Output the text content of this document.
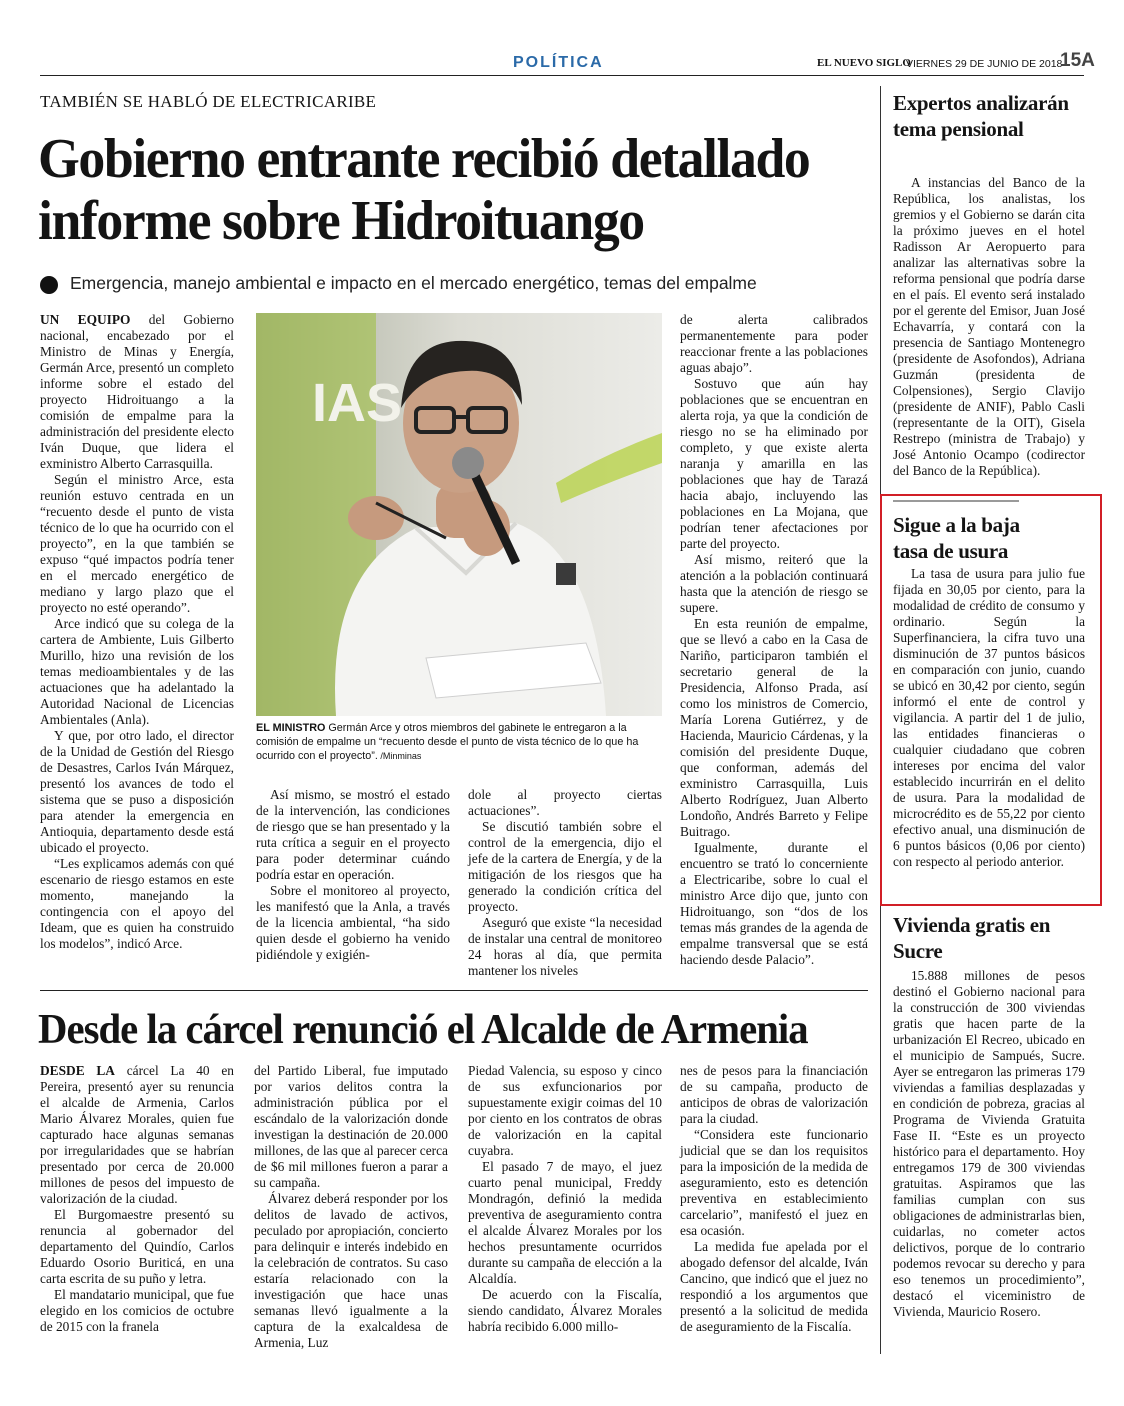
POLÍTICA	EL NUEVO SIGLO
VIERNES 29 DE JUNIO DE 2018
15A
TAMBIÉN SE HABLÓ DE ELECTRICARIBE
Gobierno entrante recibió detallado informe sobre Hidroituango
Emergencia, manejo ambiental e impacto en el mercado energético, temas del empalme

UN EQUIPO del Gobierno nacional, encabezado por el Ministro de Minas y Energía, Germán Arce, presentó un completo informe sobre el estado del proyecto Hidroituango a la comisión de empalme para la administración del presidente electo Iván Duque, que lidera el exministro Alberto Carrasquilla.

Según el ministro Arce, esta reunión estuvo centrada en un “recuento desde el punto de vista técnico de lo que ha ocurrido con el proyecto”, en la que también se expuso “qué impactos podría tener en el mercado energético de mediano y largo plazo que el proyecto no esté operando”.

Arce indicó que su colega de la cartera de Ambiente, Luis Gilberto Murillo, hizo una revisión de los temas medioambientales y de las actuaciones que ha adelantado la Autoridad Nacional de Licencias Ambientales (Anla).

Y que, por otro lado, el director de la Unidad de Gestión del Riesgo de Desastres, Carlos Iván Márquez, presentó los avances de todo el sistema que se puso a disposición para atender la emergencia en Antioquia, departamento desde está ubicado el proyecto.

“Les explicamos además con qué escenario de riesgo estamos en este momento, manejando la contingencia con el apoyo del Ideam, que es quien ha construido los modelos”, indicó Arce.

IAS
EL MINISTRO Germán Arce y otros miembros del gabinete le entregaron a la comisión de empalme un “recuento desde el punto de vista técnico de lo que ha ocurrido con el proyecto”. /Minminas

Así mismo, se mostró el estado de la intervención, las condiciones de riesgo que se han presentado y la ruta crítica a seguir en el proyecto para poder determinar cuándo podría estar en operación.

Sobre el monitoreo al proyecto, les manifestó que la Anla, a través de la licencia ambiental, “ha sido quien desde el gobierno ha venido pidiéndole y exigién-

dole al proyecto ciertas actuaciones”.

Se discutió también sobre el control de la emergencia, dijo el jefe de la cartera de Energía, y de la mitigación de los riesgos que ha generado la condición crítica del proyecto.

Aseguró que existe “la necesidad de instalar una central de monitoreo 24 horas al día, que permita mantener los niveles

de alerta calibrados permanentemente para poder reaccionar frente a las poblaciones aguas abajo”.

Sostuvo que aún hay poblaciones que se encuentran en alerta roja, ya que la condición de riesgo no se ha eliminado por completo, y que existe alerta naranja y amarilla en las poblaciones que hay de Tarazá hacia abajo, incluyendo las poblaciones en La Mojana, que podrían tener afectaciones por parte del proyecto.

Así mismo, reiteró que la atención a la población continuará hasta que la atención de riesgo se supere.

En esta reunión de empalme, que se llevó a cabo en la Casa de Nariño, participaron también el secretario general de la Presidencia, Alfonso Prada, así como los ministros de Comercio, María Lorena Gutiérrez, y de Hacienda, Mauricio Cárdenas, y la comisión del presidente Duque, que conforman, además del exministro Carrasquilla, Luis Alberto Rodríguez, Juan Alberto Londoño, Andrés Barreto y Felipe Buitrago.

Igualmente, durante el encuentro se trató lo concerniente a Electricaribe, sobre lo cual el ministro Arce dijo que, junto con Hidroituango, son “dos de los temas más grandes de la agenda de empalme transversal que se está haciendo desde Palacio”.

Desde la cárcel renunció el Alcalde de Armenia

DESDE LA cárcel La 40 en Pereira, presentó ayer su renuncia el alcalde de Armenia, Carlos Mario Álvarez Morales, quien fue capturado hace algunas semanas por irregularidades que se habrían presentado por cerca de 20.000 millones de pesos del impuesto de valorización de la ciudad.

El Burgomaestre presentó su renuncia al gobernador del departamento del Quindío, Carlos Eduardo Osorio Buriticá, en una carta escrita de su puño y letra.

El mandatario municipal, que fue elegido en los comicios de octubre de 2015 con la franela

del Partido Liberal, fue imputado por varios delitos contra la administración pública por el escándalo de la valorización donde investigan la destinación de 20.000 millones, de las que al parecer cerca de $6 mil millones fueron a parar a su campaña.

Álvarez deberá responder por los delitos de lavado de activos, peculado por apropiación, concierto para delinquir e interés indebido en la celebración de contratos. Su caso estaría relacionado con la investigación que hace unas semanas llevó igualmente a la captura de la exalcaldesa de Armenia, Luz

Piedad Valencia, su esposo y cinco de sus exfuncionarios por supuestamente exigir coimas del 10 por ciento en los contratos de obras de valorización en la capital cuyabra.

El pasado 7 de mayo, el juez cuarto penal municipal, Freddy Mondragón, definió la medida preventiva de aseguramiento contra el alcalde Álvarez Morales por los hechos presuntamente ocurridos durante su campaña de elección a la Alcaldía.

De acuerdo con la Fiscalía, siendo candidato, Álvarez Morales habría recibido 6.000 millo-

nes de pesos para la financiación de su campaña, producto de anticipos de obras de valorización para la ciudad.

“Considera este funcionario judicial que se dan los requisitos para la imposición de la medida de aseguramiento, esto es detención preventiva en establecimiento carcelario”, manifestó el juez en esa ocasión.

La medida fue apelada por el abogado defensor del alcalde, Iván Cancino, que indicó que el juez no respondió a los argumentos que presentó a la solicitud de medida de aseguramiento de la Fiscalía.

Expertos analizarán tema pensional

A instancias del Banco de la República, los analistas, los gremios y el Gobierno se darán cita la próximo jueves en el hotel Radisson Ar Aeropuerto para analizar las alternativas sobre la reforma pensional que podría darse en el país. El evento será instalado por el gerente del Emisor, Juan José Echavarría, y contará con la presencia de Santiago Montenegro (presidente de Asofondos), Adriana Guzmán (presidenta de Colpensiones), Sergio Clavijo (presidente de ANIF), Pablo Casli (representante de la OIT), Gisela Restrepo (ministra de Trabajo) y José Antonio Ocampo (codirector del Banco de la República).

Sigue a la baja tasa de usura

La tasa de usura para julio fue fijada en 30,05 por ciento, para la modalidad de crédito de consumo y ordinario. Según la Superfinanciera, la cifra tuvo una disminución de 37 puntos básicos en comparación con junio, cuando se ubicó en 30,42 por ciento, según informó el ente de control y vigilancia. A partir del 1 de julio, las entidades financieras o cualquier ciudadano que cobren intereses por encima del valor establecido incurrirán en el delito de usura. Para la modalidad de microcrédito es de 55,22 por ciento efectivo anual, una disminución de 6 puntos básicos (0,06 por ciento) con respecto al periodo anterior.

Vivienda gratis en Sucre

15.888 millones de pesos destinó el Gobierno nacional para la construcción de 300 viviendas gratis que hacen parte de la urbanización El Recreo, ubicado en el municipio de Sampués, Sucre. Ayer se entregaron las primeras 179 viviendas a familias desplazadas y en condición de pobreza, gracias al Programa de Vivienda Gratuita Fase II. “Este es un proyecto histórico para el departamento. Hoy entregamos 179 de 300 viviendas gratuitas. Aspiramos que las familias cumplan con sus obligaciones de administrarlas bien, cuidarlas, no cometer actos delictivos, porque de lo contrario podemos revocar su derecho y para eso tenemos un procedimiento”, destacó el viceministro de Vivienda, Mauricio Rosero.
